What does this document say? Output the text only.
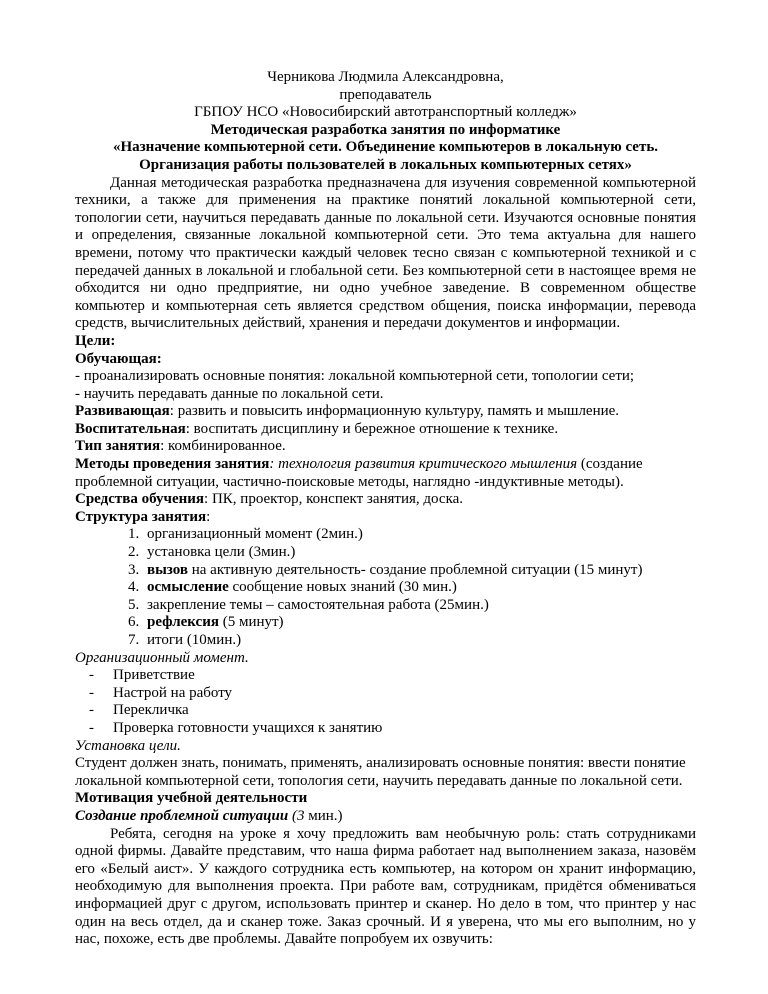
Черникова Людмила Александровна,

преподаватель

ГБПОУ НСО «Новосибирский автотранспортный колледж»

Методическая разработка занятия по информатике

«Назначение компьютерной сети. Объединение компьютеров в локальную сеть.

Организация работы пользователей в локальных компьютерных сетях»

Данная методическая разработка предназначена для изучения современной компьютерной техники, а также для применения на практике понятий локальной компьютерной сети, топологии сети, научиться передавать данные по локальной сети. Изучаются основные понятия и определения, связанные локальной компьютерной сети. Это тема актуальна для нашего времени, потому что практически каждый человек тесно связан с компьютерной техникой и с передачей данных в локальной и глобальной сети. Без компьютерной сети в настоящее время не обходится ни одно предприятие, ни одно учебное заведение. В современном обществе компьютер и компьютерная сеть является средством общения, поиска информации, перевода средств, вычислительных действий, хранения и передачи документов и информации.

Цели:

Обучающая:

- проанализировать основные понятия: локальной компьютерной сети, топологии сети;

- научить передавать данные по локальной сети.

Развивающая: развить и повысить информационную культуру, память и мышление.

Воспитательная: воспитать дисциплину и бережное отношение к технике.

Тип занятия: комбинированное.

Методы проведения занятия: технология развития критического мышления (создание проблемной ситуации, частично-поисковые методы, наглядно -индуктивные методы).

Средства обучения: ПК, проектор, конспект занятия, доска.

Структура занятия:

1. организационный момент (2мин.)
2. установка цели (3мин.)
3. вызов на активную деятельность- создание проблемной ситуации (15 минут)
4. осмысление сообщение новых знаний (30 мин.)
5. закрепление темы – самостоятельная работа (25мин.)
6. рефлексия (5 минут)
7. итоги (10мин.)

Организационный момент.

- Приветствие
- Настрой на работу
- Перекличка
- Проверка готовности учащихся к занятию

Установка цели.

Студент должен знать, понимать, применять, анализировать основные понятия: ввести понятие локальной компьютерной сети, топология сети, научить передавать данные по локальной сети.

Мотивация учебной деятельности

Создание проблемной ситуации (3 мин.)

Ребята, сегодня на уроке я хочу предложить вам необычную роль: стать сотрудниками одной фирмы. Давайте представим, что наша фирма работает над выполнением заказа, назовём его «Белый аист». У каждого сотрудника есть компьютер, на котором он хранит информацию, необходимую для выполнения проекта. При работе вам, сотрудникам, придётся обмениваться информацией друг с другом, использовать принтер и сканер. Но дело в том, что принтер у нас один на весь отдел, да и сканер тоже. Заказ срочный. И я уверена, что мы его выполним, но у нас, похоже, есть две проблемы. Давайте попробуем их озвучить:
